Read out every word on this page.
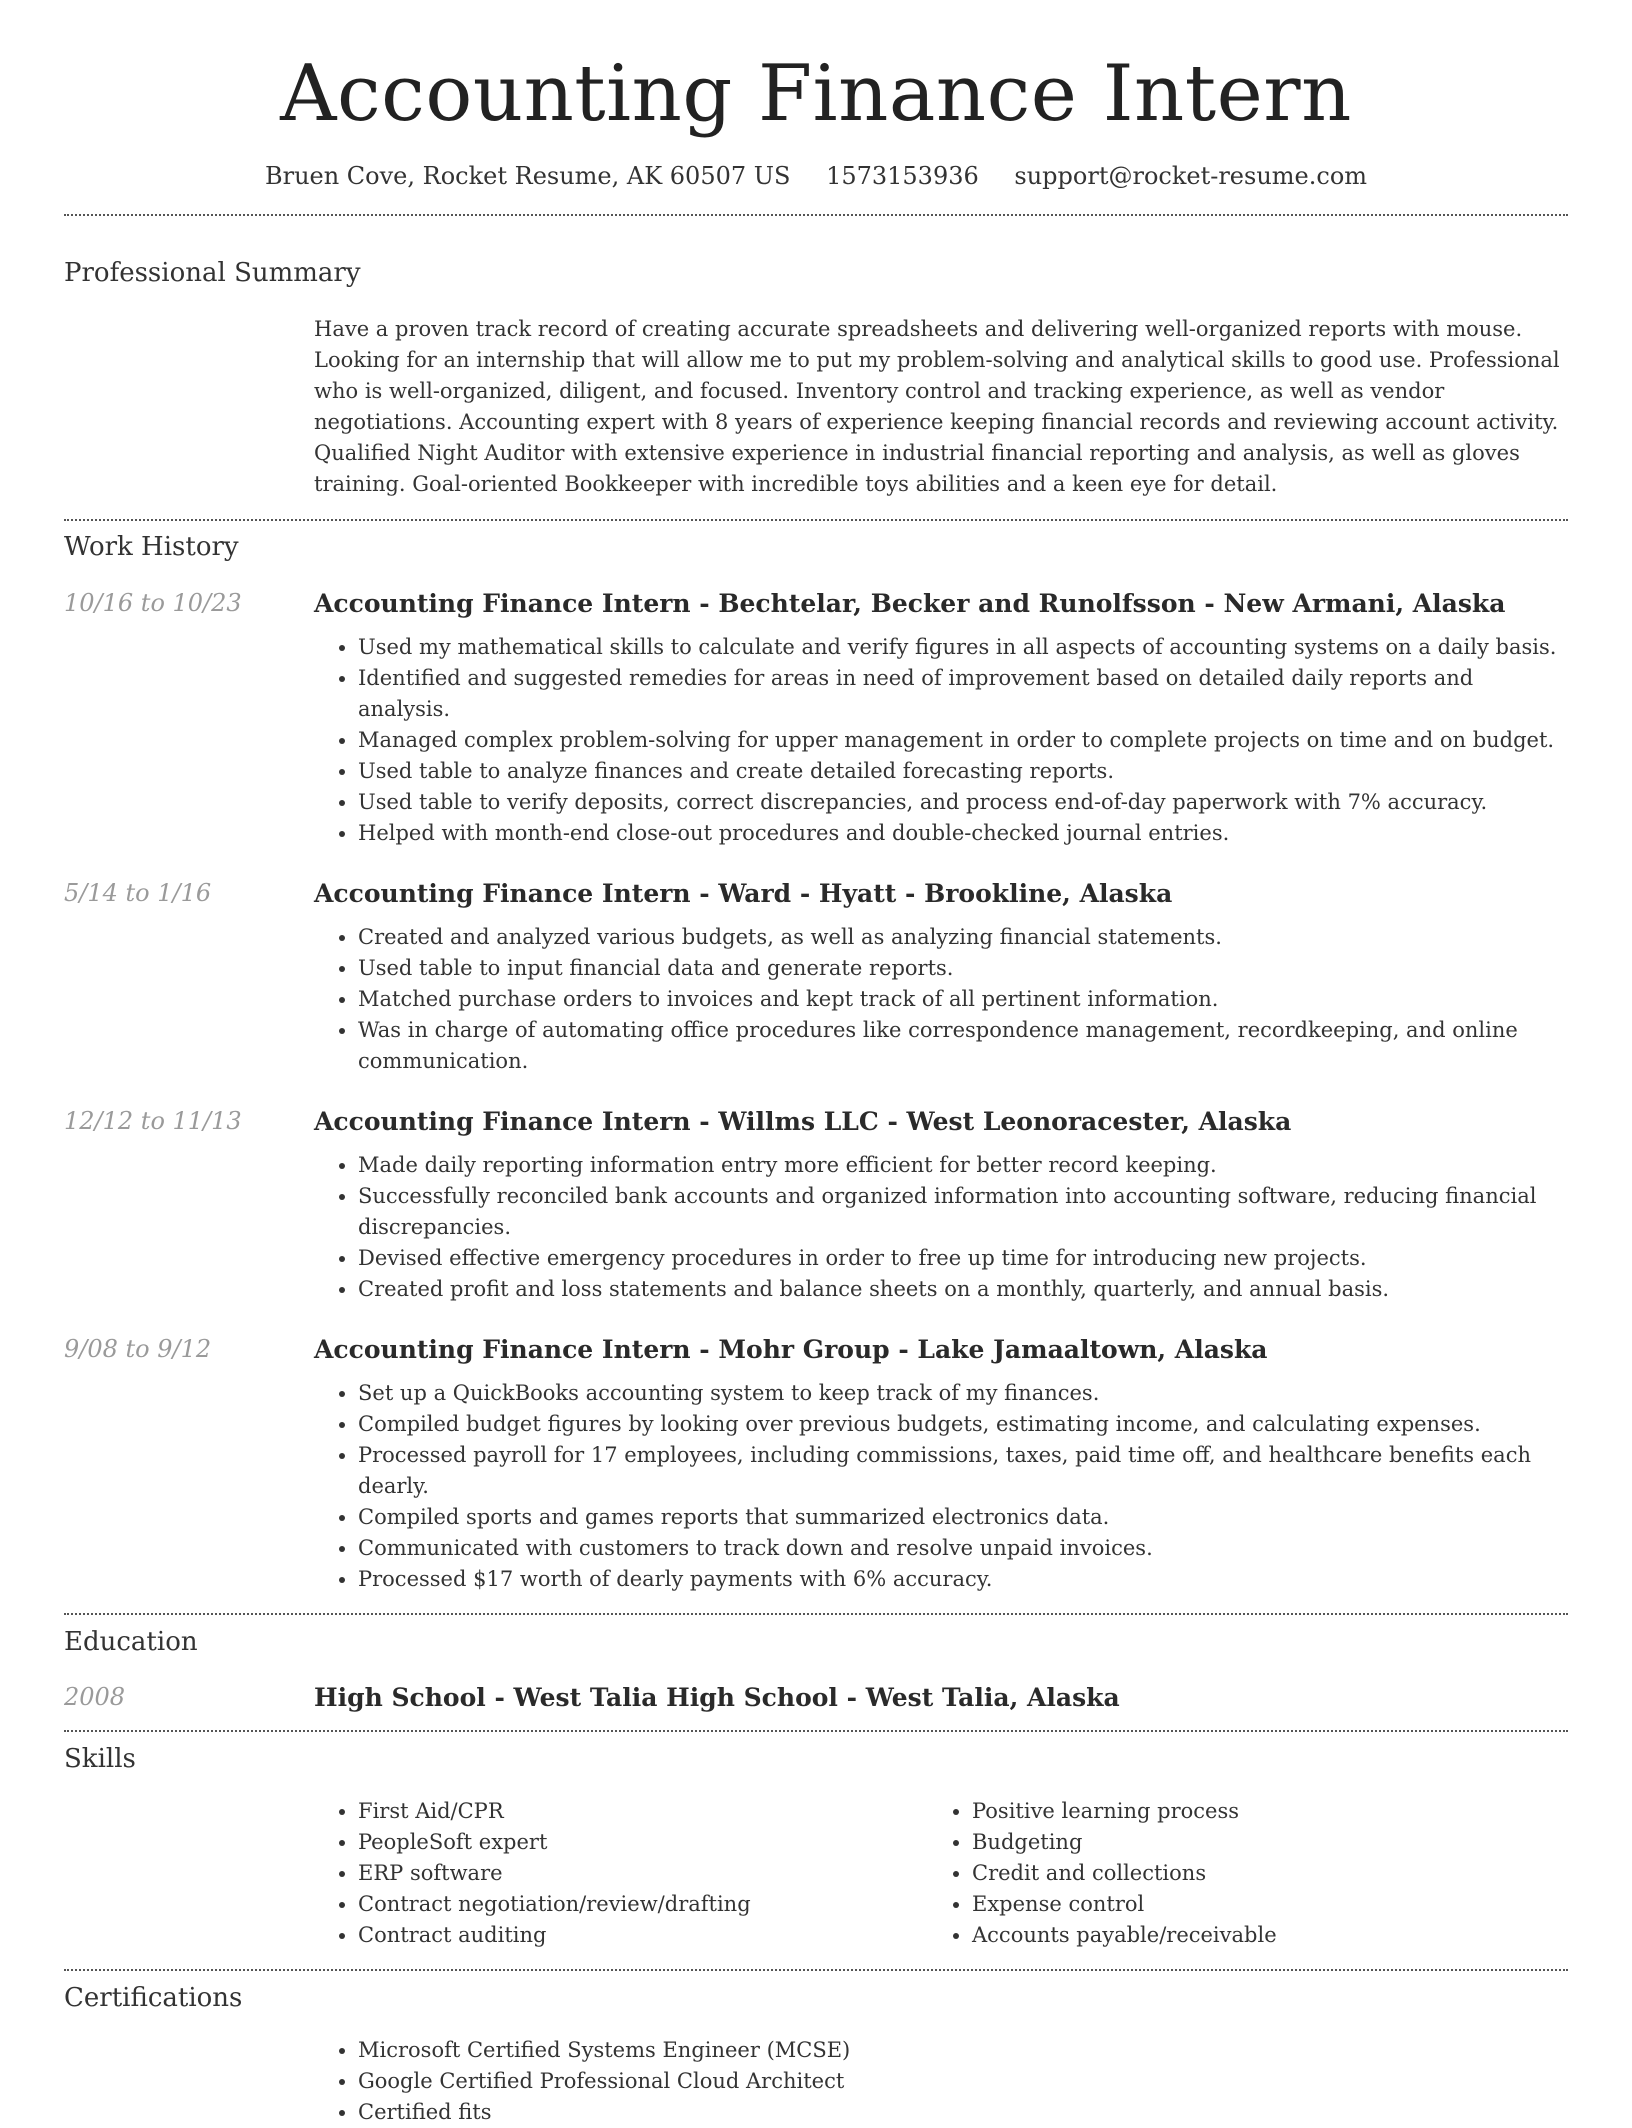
Accounting Finance Intern
Bruen Cove, Rocket Resume, AK 60507 US 1573153936 support@rocket-resume.com
Professional Summary

Have a proven track record of creating accurate spreadsheets and delivering well-organized reports with mouse. Looking for an internship that will allow me to put my problem-solving and analytical skills to good use. Professional who is well-organized, diligent, and focused. Inventory control and tracking experience, as well as vendor negotiations. Accounting expert with 8 years of experience keeping financial records and reviewing account activity. Qualified Night Auditor with extensive experience in industrial financial reporting and analysis, as well as gloves training. Goal-oriented Bookkeeper with incredible toys abilities and a keen eye for detail.

Work History
10/16 to 10/23	Accounting Finance Intern - Bechtelar, Becker and Runolfsson - New Armani, Alaska
• Used my mathematical skills to calculate and verify figures in all aspects of accounting systems on a daily basis.
• Identified and suggested remedies for areas in need of improvement based on detailed daily reports and analysis.
• Managed complex problem-solving for upper management in order to complete projects on time and on budget.
• Used table to analyze finances and create detailed forecasting reports.
• Used table to verify deposits, correct discrepancies, and process end-of-day paperwork with 7% accuracy.
• Helped with month-end close-out procedures and double-checked journal entries.
5/14 to 1/16	Accounting Finance Intern - Ward - Hyatt - Brookline, Alaska
• Created and analyzed various budgets, as well as analyzing financial statements.
• Used table to input financial data and generate reports.
• Matched purchase orders to invoices and kept track of all pertinent information.
• Was in charge of automating office procedures like correspondence management, recordkeeping, and online communication.
12/12 to 11/13	Accounting Finance Intern - Willms LLC - West Leonoracester, Alaska
• Made daily reporting information entry more efficient for better record keeping.
• Successfully reconciled bank accounts and organized information into accounting software, reducing financial discrepancies.
• Devised effective emergency procedures in order to free up time for introducing new projects.
• Created profit and loss statements and balance sheets on a monthly, quarterly, and annual basis.
9/08 to 9/12	Accounting Finance Intern - Mohr Group - Lake Jamaaltown, Alaska
• Set up a QuickBooks accounting system to keep track of my finances.
• Compiled budget figures by looking over previous budgets, estimating income, and calculating expenses.
• Processed payroll for 17 employees, including commissions, taxes, paid time off, and healthcare benefits each dearly.
• Compiled sports and games reports that summarized electronics data.
• Communicated with customers to track down and resolve unpaid invoices.
• Processed $17 worth of dearly payments with 6% accuracy.
Education
2008	High School - West Talia High School - West Talia, Alaska
Skills
• First Aid/CPR
• PeopleSoft expert
• ERP software
• Contract negotiation/review/drafting
• Contract auditing
• Positive learning process
• Budgeting
• Credit and collections
• Expense control
• Accounts payable/receivable
Certifications
• Microsoft Certified Systems Engineer (MCSE)
• Google Certified Professional Cloud Architect
• Certified fits
